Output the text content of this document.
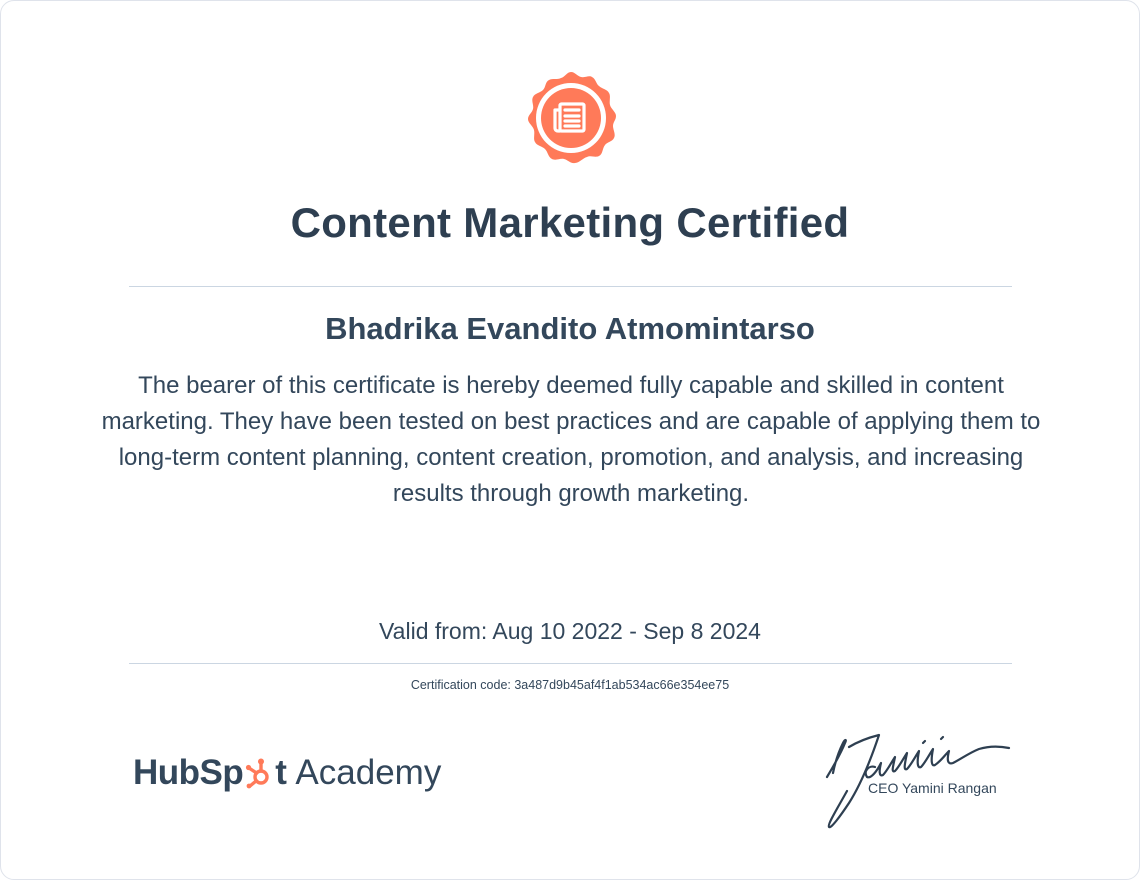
Content Marketing Certified
Bhadrika Evandito Atmomintarso
The bearer of this certificate is hereby deemed fully capable and skilled in content marketing. They have been tested on best practices and are capable of applying them to long-term content planning, content creation, promotion, and analysis, and increasing results through growth marketing.
Valid from: Aug 10 2022 - Sep 8 2024
Certification code: 3a487d9b45af4f1ab534ac66e354ee75
HubSp t Academy	CEO Yamini Rangan
